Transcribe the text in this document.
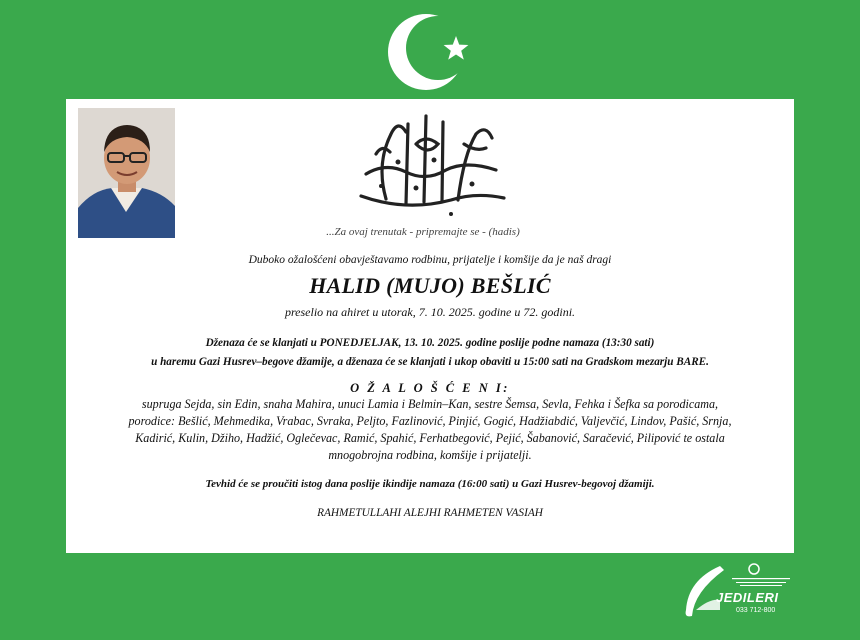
...Za ovaj trenutak - pripremajte se - (hadis)

Duboko ožalošćeni obavještavamo rodbinu, prijatelje i komšije da je naš dragi

HALID (MUJO) BEŠLIĆ

preselio na ahiret u utorak, 7. 10. 2025. godine u 72. godini.

Dženaza će se klanjati u PONEDJELJAK, 13. 10. 2025. godine poslije podne namaza (13:30 sati)

u haremu Gazi Husrev–begove džamije, a dženaza će se klanjati i ukop obaviti u 15:00 sati na Gradskom mezarju BARE.

O Ž A L O Š Ć E N I:

supruga Sejda, sin Edin, snaha Mahira, unuci Lamia i Belmin–Kan, sestre Šemsa, Sevla, Fehka i Šefka sa porodicama,

porodice: Bešlić, Mehmedika, Vrabac, Svraka, Peljto, Fazlinović, Pinjić, Gogić, Hadžiabdić, Valjevčić, Lindov, Pašić, Srnja,

Kadirić, Kulin, Džiho, Hadžić, Oglečevac, Ramić, Spahić, Ferhatbegović, Pejić, Šabanović, Saračević, Pilipović te ostala

mnogobrojna rodbina, komšije i prijatelji.

Tevhid će se proučiti istog dana poslije ikindije namaza (16:00 sati) u Gazi Husrev-begovoj džamiji.

RAHMETULLAHI ALEJHI RAHMETEN VASIAH

JEDILERI
033 712-800
